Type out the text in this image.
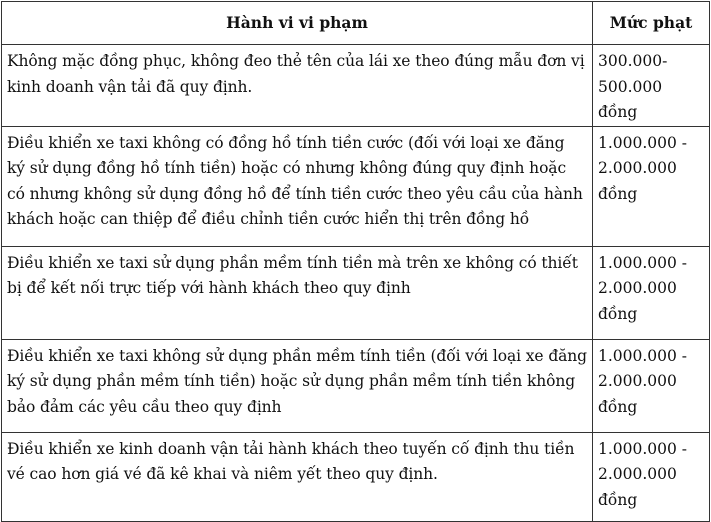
Hành vi vi phạm	Mức phạt
Không mặc đồng phục, không đeo thẻ tên của lái xe theo đúng mẫu đơn vị kinh doanh vận tải đã quy định.	300.000-500.000 đồng
Điều khiển xe taxi không có đồng hồ tính tiền cước (đối với loại xe đăng ký sử dụng đồng hồ tính tiền) hoặc có nhưng không đúng quy định hoặc có nhưng không sử dụng đồng hồ để tính tiền cước theo yêu cầu của hành khách hoặc can thiệp để điều chỉnh tiền cước hiển thị trên đồng hồ	1.000.000 - 2.000.000 đồng
Điều khiển xe taxi sử dụng phần mềm tính tiền mà trên xe không có thiết bị để kết nối trực tiếp với hành khách theo quy định	1.000.000 - 2.000.000 đồng
Điều khiển xe taxi không sử dụng phần mềm tính tiền (đối với loại xe đăng ký sử dụng phần mềm tính tiền) hoặc sử dụng phần mềm tính tiền không bảo đảm các yêu cầu theo quy định	1.000.000 - 2.000.000 đồng
Điều khiển xe kinh doanh vận tải hành khách theo tuyến cố định thu tiền vé cao hơn giá vé đã kê khai và niêm yết theo quy định.	1.000.000 - 2.000.000 đồng
